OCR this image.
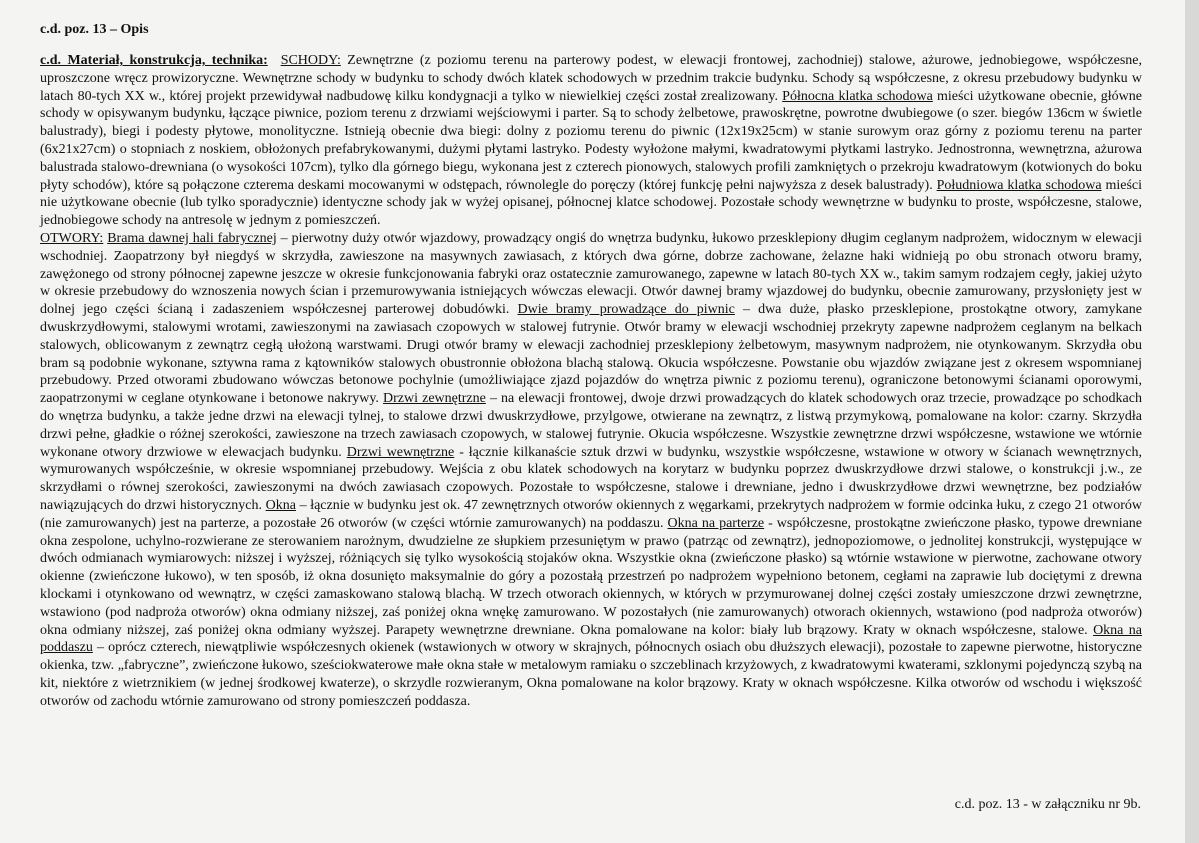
c.d. poz. 13 – Opis

c.d. Materiał, konstrukcja, technika: SCHODY: Zewnętrzne (z poziomu terenu na parterowy podest, w elewacji frontowej, zachodniej) stalowe, ażurowe, jednobiegowe, współczesne, uproszczone wręcz prowizoryczne. Wewnętrzne schody w budynku to schody dwóch klatek schodowych w przednim trakcie budynku. Schody są współczesne, z okresu przebudowy budynku w latach 80-tych XX w., której projekt przewidywał nadbudowę kilku kondygnacji a tylko w niewielkiej części został zrealizowany. Północna klatka schodowa mieści użytkowane obecnie, główne schody w opisywanym budynku, łączące piwnice, poziom terenu z drzwiami wejściowymi i parter. Są to schody żelbetowe, prawoskrętne, powrotne dwubiegowe (o szer. biegów 136cm w świetle balustrady), biegi i podesty płytowe, monolityczne. Istnieją obecnie dwa biegi: dolny z poziomu terenu do piwnic (12x19x25cm) w stanie surowym oraz górny z poziomu terenu na parter (6x21x27cm) o stopniach z noskiem, obłożonych prefabrykowanymi, dużymi płytami lastryko. Podesty wyłożone małymi, kwadratowymi płytkami lastryko. Jednostronna, wewnętrzna, ażurowa balustrada stalowo-drewniana (o wysokości 107cm), tylko dla górnego biegu, wykonana jest z czterech pionowych, stalowych profili zamkniętych o przekroju kwadratowym (kotwionych do boku płyty schodów), które są połączone czterema deskami mocowanymi w odstępach, równolegle do poręczy (której funkcję pełni najwyższa z desek balustrady). Południowa klatka schodowa mieści nie użytkowane obecnie (lub tylko sporadycznie) identyczne schody jak w wyżej opisanej, północnej klatce schodowej. Pozostałe schody wewnętrzne w budynku to proste, współczesne, stalowe, jednobiegowe schody na antresolę w jednym z pomieszczeń.

OTWORY: Brama dawnej hali fabrycznej – pierwotny duży otwór wjazdowy, prowadzący ongiś do wnętrza budynku, łukowo przesklepiony długim ceglanym nadprożem, widocznym w elewacji wschodniej. Zaopatrzony był niegdyś w skrzydła, zawieszone na masywnych zawiasach, z których dwa górne, dobrze zachowane, żelazne haki widnieją po obu stronach otworu bramy, zawężonego od strony północnej zapewne jeszcze w okresie funkcjonowania fabryki oraz ostatecznie zamurowanego, zapewne w latach 80-tych XX w., takim samym rodzajem cegły, jakiej użyto w okresie przebudowy do wznoszenia nowych ścian i przemurowywania istniejących wówczas elewacji. Otwór dawnej bramy wjazdowej do budynku, obecnie zamurowany, przysłonięty jest w dolnej jego części ścianą i zadaszeniem współczesnej parterowej dobudówki. Dwie bramy prowadzące do piwnic – dwa duże, płasko przesklepione, prostokątne otwory, zamykane dwuskrzydłowymi, stalowymi wrotami, zawieszonymi na zawiasach czopowych w stalowej futrynie. Otwór bramy w elewacji wschodniej przekryty zapewne nadprożem ceglanym na belkach stalowych, oblicowanym z zewnątrz cegłą ułożoną warstwami. Drugi otwór bramy w elewacji zachodniej przesklepiony żelbetowym, masywnym nadprożem, nie otynkowanym. Skrzydła obu bram są podobnie wykonane, sztywna rama z kątowników stalowych obustronnie obłożona blachą stalową. Okucia współczesne. Powstanie obu wjazdów związane jest z okresem wspomnianej przebudowy. Przed otworami zbudowano wówczas betonowe pochylnie (umożliwiające zjazd pojazdów do wnętrza piwnic z poziomu terenu), ograniczone betonowymi ścianami oporowymi, zaopatrzonymi w ceglane otynkowane i betonowe nakrywy. Drzwi zewnętrzne – na elewacji frontowej, dwoje drzwi prowadzących do klatek schodowych oraz trzecie, prowadzące po schodkach do wnętrza budynku, a także jedne drzwi na elewacji tylnej, to stalowe drzwi dwuskrzydłowe, przylgowe, otwierane na zewnątrz, z listwą przymykową, pomalowane na kolor: czarny. Skrzydła drzwi pełne, gładkie o różnej szerokości, zawieszone na trzech zawiasach czopowych, w stalowej futrynie. Okucia współczesne. Wszystkie zewnętrzne drzwi współczesne, wstawione we wtórnie wykonane otwory drzwiowe w elewacjach budynku. Drzwi wewnętrzne - łącznie kilkanaście sztuk drzwi w budynku, wszystkie współczesne, wstawione w otwory w ścianach wewnętrznych, wymurowanych współcześnie, w okresie wspomnianej przebudowy. Wejścia z obu klatek schodowych na korytarz w budynku poprzez dwuskrzydłowe drzwi stalowe, o konstrukcji j.w., ze skrzydłami o równej szerokości, zawieszonymi na dwóch zawiasach czopowych. Pozostałe to współczesne, stalowe i drewniane, jedno i dwuskrzydłowe drzwi wewnętrzne, bez podziałów nawiązujących do drzwi historycznych. Okna – łącznie w budynku jest ok. 47 zewnętrznych otworów okiennych z węgarkami, przekrytych nadprożem w formie odcinka łuku, z czego 21 otworów (nie zamurowanych) jest na parterze, a pozostałe 26 otworów (w części wtórnie zamurowanych) na poddaszu. Okna na parterze - współczesne, prostokątne zwieńczone płasko, typowe drewniane okna zespolone, uchylno-rozwierane ze sterowaniem narożnym, dwudzielne ze słupkiem przesuniętym w prawo (patrząc od zewnątrz), jednopoziomowe, o jednolitej konstrukcji, występujące w dwóch odmianach wymiarowych: niższej i wyższej, różniących się tylko wysokością stojaków okna. Wszystkie okna (zwieńczone płasko) są wtórnie wstawione w pierwotne, zachowane otwory okienne (zwieńczone łukowo), w ten sposób, iż okna dosunięto maksymalnie do góry a pozostałą przestrzeń po nadprożem wypełniono betonem, cegłami na zaprawie lub dociętymi z drewna klockami i otynkowano od wewnątrz, w części zamaskowano stalową blachą. W trzech otworach okiennych, w których w przymurowanej dolnej części zostały umieszczone drzwi zewnętrzne, wstawiono (pod nadproża otworów) okna odmiany niższej, zaś poniżej okna wnękę zamurowano. W pozostałych (nie zamurowanych) otworach okiennych, wstawiono (pod nadproża otworów) okna odmiany niższej, zaś poniżej okna odmiany wyższej. Parapety wewnętrzne drewniane. Okna pomalowane na kolor: biały lub brązowy. Kraty w oknach współczesne, stalowe. Okna na poddaszu – oprócz czterech, niewątpliwie współczesnych okienek (wstawionych w otwory w skrajnych, północnych osiach obu dłuższych elewacji), pozostałe to zapewne pierwotne, historyczne okienka, tzw. „fabryczne”, zwieńczone łukowo, sześciokwaterowe małe okna stałe w metalowym ramiaku o szczeblinach krzyżowych, z kwadratowymi kwaterami, szklonymi pojedynczą szybą na kit, niektóre z wietrznikiem (w jednej środkowej kwaterze), o skrzydle rozwieranym, Okna pomalowane na kolor brązowy. Kraty w oknach współczesne. Kilka otworów od wschodu i większość otworów od zachodu wtórnie zamurowano od strony pomieszczeń poddasza.

c.d. poz. 13 - w załączniku nr 9b.
